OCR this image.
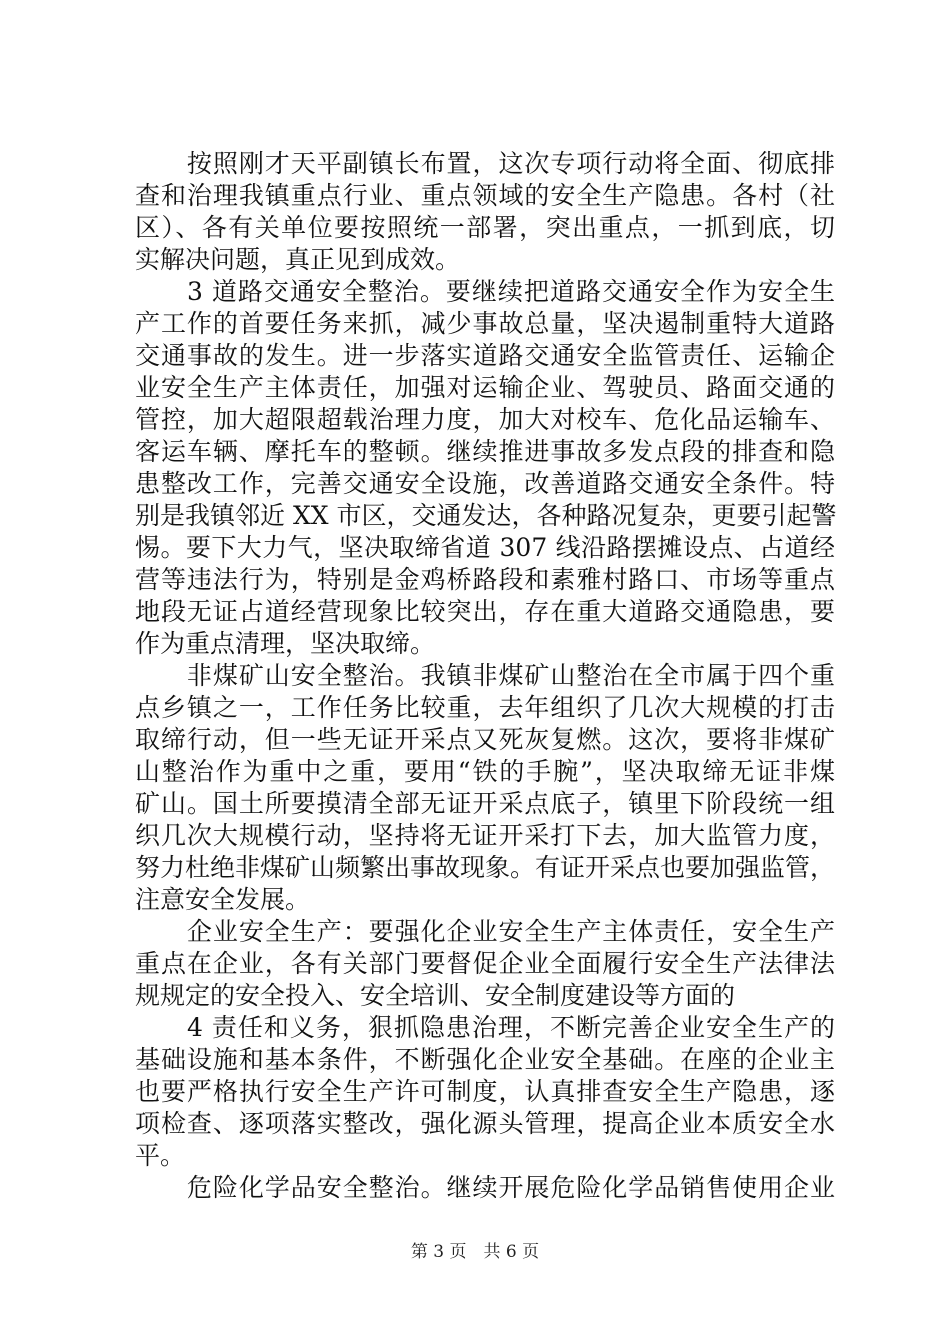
　　按照刚才天平副镇长布置，这次专项行动将全面、彻底排
查和治理我镇重点行业、重点领域的安全生产隐患。各村（社
区）、各有关单位要按照统一部署，突出重点，一抓到底，切
实解决问题，真正见到成效。
　　3 道路交通安全整治。要继续把道路交通安全作为安全生
产工作的首要任务来抓，减少事故总量，坚决遏制重特大道路
交通事故的发生。进一步落实道路交通安全监管责任、运输企
业安全生产主体责任，加强对运输企业、驾驶员、路面交通的
管控，加大超限超载治理力度，加大对校车、危化品运输车、
客运车辆、摩托车的整顿。继续推进事故多发点段的排查和隐
患整改工作，完善交通安全设施，改善道路交通安全条件。特
别是我镇邻近 XX 市区，交通发达，各种路况复杂，更要引起警
惕。要下大力气，坚决取缔省道 307 线沿路摆摊设点、占道经
营等违法行为，特别是金鸡桥路段和素雅村路口、市场等重点
地段无证占道经营现象比较突出，存在重大道路交通隐患，要
作为重点清理，坚决取缔。
　　非煤矿山安全整治。我镇非煤矿山整治在全市属于四个重
点乡镇之一，工作任务比较重，去年组织了几次大规模的打击
取缔行动，但一些无证开采点又死灰复燃。这次，要将非煤矿
山整治作为重中之重，要用“铁的手腕”，坚决取缔无证非煤
矿山。国土所要摸清全部无证开采点底子，镇里下阶段统一组
织几次大规模行动，坚持将无证开采打下去，加大监管力度，
努力杜绝非煤矿山频繁出事故现象。有证开采点也要加强监管，
注意安全发展。
　　企业安全生产：要强化企业安全生产主体责任，安全生产
重点在企业，各有关部门要督促企业全面履行安全生产法律法
规规定的安全投入、安全培训、安全制度建设等方面的
　　4 责任和义务，狠抓隐患治理，不断完善企业安全生产的
基础设施和基本条件，不断强化企业安全基础。在座的企业主
也要严格执行安全生产许可制度，认真排查安全生产隐患，逐
项检查、逐项落实整改，强化源头管理，提高企业本质安全水
平。
　　危险化学品安全整治。继续开展危险化学品销售使用企业
第 3 页　共 6 页
